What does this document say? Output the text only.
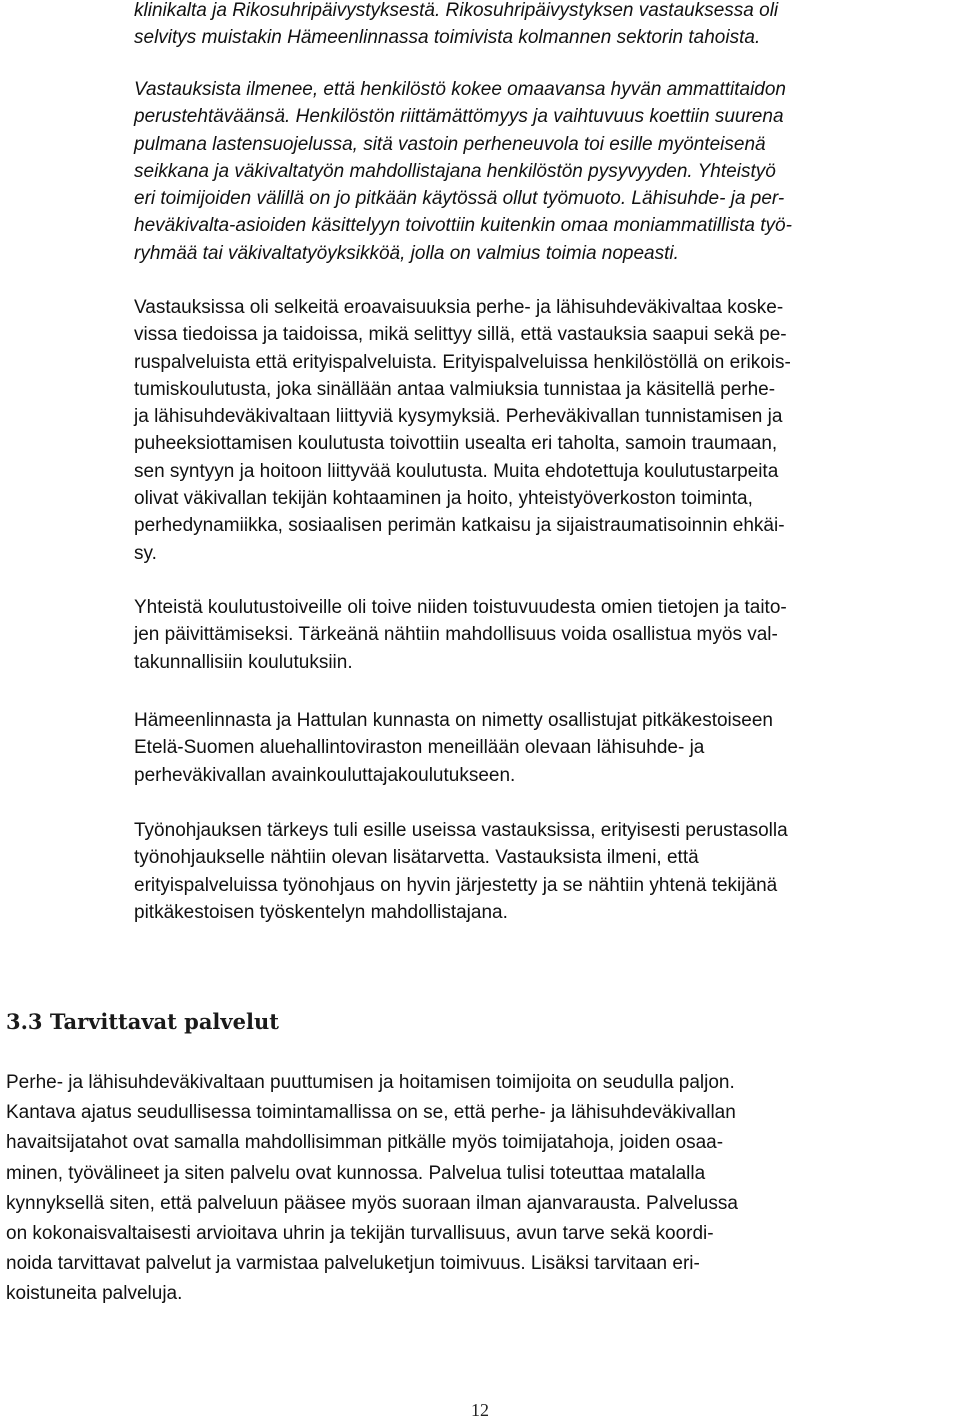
klinikalta ja Rikosuhripäivystyksestä. Rikosuhripäivystyksen vastauksessa oli
selvitys muistakin Hämeenlinnassa toimivista kolmannen sektorin tahoista.

Vastauksista ilmenee, että henkilöstö kokee omaavansa hyvän ammattitaidon
perustehtäväänsä. Henkilöstön riittämättömyys ja vaihtuvuus koettiin suurena
pulmana lastensuojelussa, sitä vastoin perheneuvola toi esille myönteisenä
seikkana ja väkivaltatyön mahdollistajana henkilöstön pysyvyyden. Yhteistyö
eri toimijoiden välillä on jo pitkään käytössä ollut työmuoto. Lähisuhde- ja per-
heväkivalta-asioiden käsittelyyn toivottiin kuitenkin omaa moniammatillista työ-
ryhmää tai väkivaltatyöyksikköä, jolla on valmius toimia nopeasti.

Vastauksissa oli selkeitä eroavaisuuksia perhe- ja lähisuhdeväkivaltaa koske-
vissa tiedoissa ja taidoissa, mikä selittyy sillä, että vastauksia saapui sekä pe-
ruspalveluista että erityispalveluista. Erityispalveluissa henkilöstöllä on erikois-
tumiskoulutusta, joka sinällään antaa valmiuksia tunnistaa ja käsitellä perhe-
ja lähisuhdeväkivaltaan liittyviä kysymyksiä. Perheväkivallan tunnistamisen ja
puheeksiottamisen koulutusta toivottiin usealta eri taholta, samoin traumaan,
sen syntyyn ja hoitoon liittyvää koulutusta. Muita ehdotettuja koulutustarpeita
olivat väkivallan tekijän kohtaaminen ja hoito, yhteistyöverkoston toiminta,
perhedynamiikka, sosiaalisen perimän katkaisu ja sijaistraumatisoinnin ehkäi-
sy.

Yhteistä koulutustoiveille oli toive niiden toistuvuudesta omien tietojen ja taito-
jen päivittämiseksi. Tärkeänä nähtiin mahdollisuus voida osallistua myös val-
takunnallisiin koulutuksiin.

Hämeenlinnasta ja Hattulan kunnasta on nimetty osallistujat pitkäkestoiseen
Etelä-Suomen aluehallintoviraston meneillään olevaan lähisuhde- ja
perheväkivallan avainkouluttajakoulutukseen.

Työnohjauksen tärkeys tuli esille useissa vastauksissa, erityisesti perustasolla
työnohjaukselle nähtiin olevan lisätarvetta. Vastauksista ilmeni, että
erityispalveluissa työnohjaus on hyvin järjestetty ja se nähtiin yhtenä tekijänä
pitkäkestoisen työskentelyn mahdollistajana.

3.3 Tarvittavat palvelut

Perhe- ja lähisuhdeväkivaltaan puuttumisen ja hoitamisen toimijoita on seudulla paljon.
Kantava ajatus seudullisessa toimintamallissa on se, että perhe- ja lähisuhdeväkivallan
havaitsijatahot ovat samalla mahdollisimman pitkälle myös toimijatahoja, joiden osaa-
minen, työvälineet ja siten palvelu ovat kunnossa. Palvelua tulisi toteuttaa matalalla
kynnyksellä siten, että palveluun pääsee myös suoraan ilman ajanvarausta. Palvelussa
on kokonaisvaltaisesti arvioitava uhrin ja tekijän turvallisuus, avun tarve sekä koordi-
noida tarvittavat palvelut ja varmistaa palveluketjun toimivuus. Lisäksi tarvitaan eri-
koistuneita palveluja.

12
